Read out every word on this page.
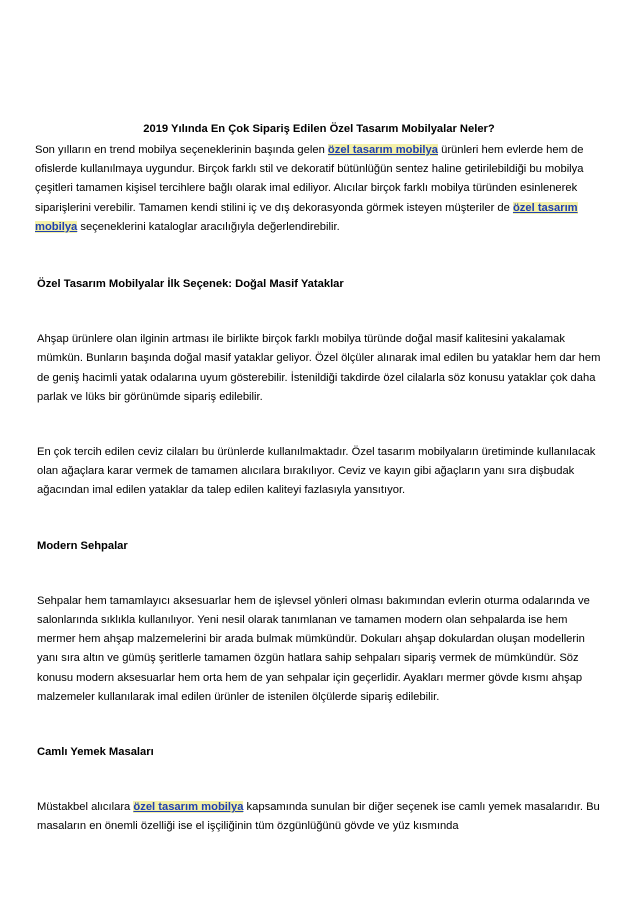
2019 Yılında En Çok Sipariş Edilen Özel Tasarım Mobilyalar Neler?

Son yılların en trend mobilya seçeneklerinin başında gelen özel tasarım mobilya ürünleri hem evlerde hem de ofislerde kullanılmaya uygundur. Birçok farklı stil ve dekoratif bütünlüğün sentez haline getirilebildiği bu mobilya çeşitleri tamamen kişisel tercihlere bağlı olarak imal ediliyor. Alıcılar birçok farklı mobilya türünden esinlenerek siparişlerini verebilir. Tamamen kendi stilini iç ve dış dekorasyonda görmek isteyen müşteriler de özel tasarım mobilya seçeneklerini kataloglar aracılığıyla değerlendirebilir.

Özel Tasarım Mobilyalar İlk Seçenek: Doğal Masif Yataklar

Ahşap ürünlere olan ilginin artması ile birlikte birçok farklı mobilya türünde doğal masif kalitesini yakalamak mümkün. Bunların başında doğal masif yataklar geliyor. Özel ölçüler alınarak imal edilen bu yataklar hem dar hem de geniş hacimli yatak odalarına uyum gösterebilir. İstenildiği takdirde özel cilalarla söz konusu yataklar çok daha parlak ve lüks bir görünümde sipariş edilebilir.

En çok tercih edilen ceviz cilaları bu ürünlerde kullanılmaktadır. Özel tasarım mobilyaların üretiminde kullanılacak olan ağaçlara karar vermek de tamamen alıcılara bırakılıyor. Ceviz ve kayın gibi ağaçların yanı sıra dişbudak ağacından imal edilen yataklar da talep edilen kaliteyi fazlasıyla yansıtıyor.

Modern Sehpalar

Sehpalar hem tamamlayıcı aksesuarlar hem de işlevsel yönleri olması bakımından evlerin oturma odalarında ve salonlarında sıklıkla kullanılıyor. Yeni nesil olarak tanımlanan ve tamamen modern olan sehpalarda ise hem mermer hem ahşap malzemelerini bir arada bulmak mümkündür. Dokuları ahşap dokulardan oluşan modellerin yanı sıra altın ve gümüş şeritlerle tamamen özgün hatlara sahip sehpaları sipariş vermek de mümkündür. Söz konusu modern aksesuarlar hem orta hem de yan sehpalar için geçerlidir. Ayakları mermer gövde kısmı ahşap malzemeler kullanılarak imal edilen ürünler de istenilen ölçülerde sipariş edilebilir.

Camlı Yemek Masaları

Müstakbel alıcılara özel tasarım mobilya kapsamında sunulan bir diğer seçenek ise camlı yemek masalarıdır. Bu masaların en önemli özelliği ise el işçiliğinin tüm özgünlüğünü gövde ve yüz kısmında
